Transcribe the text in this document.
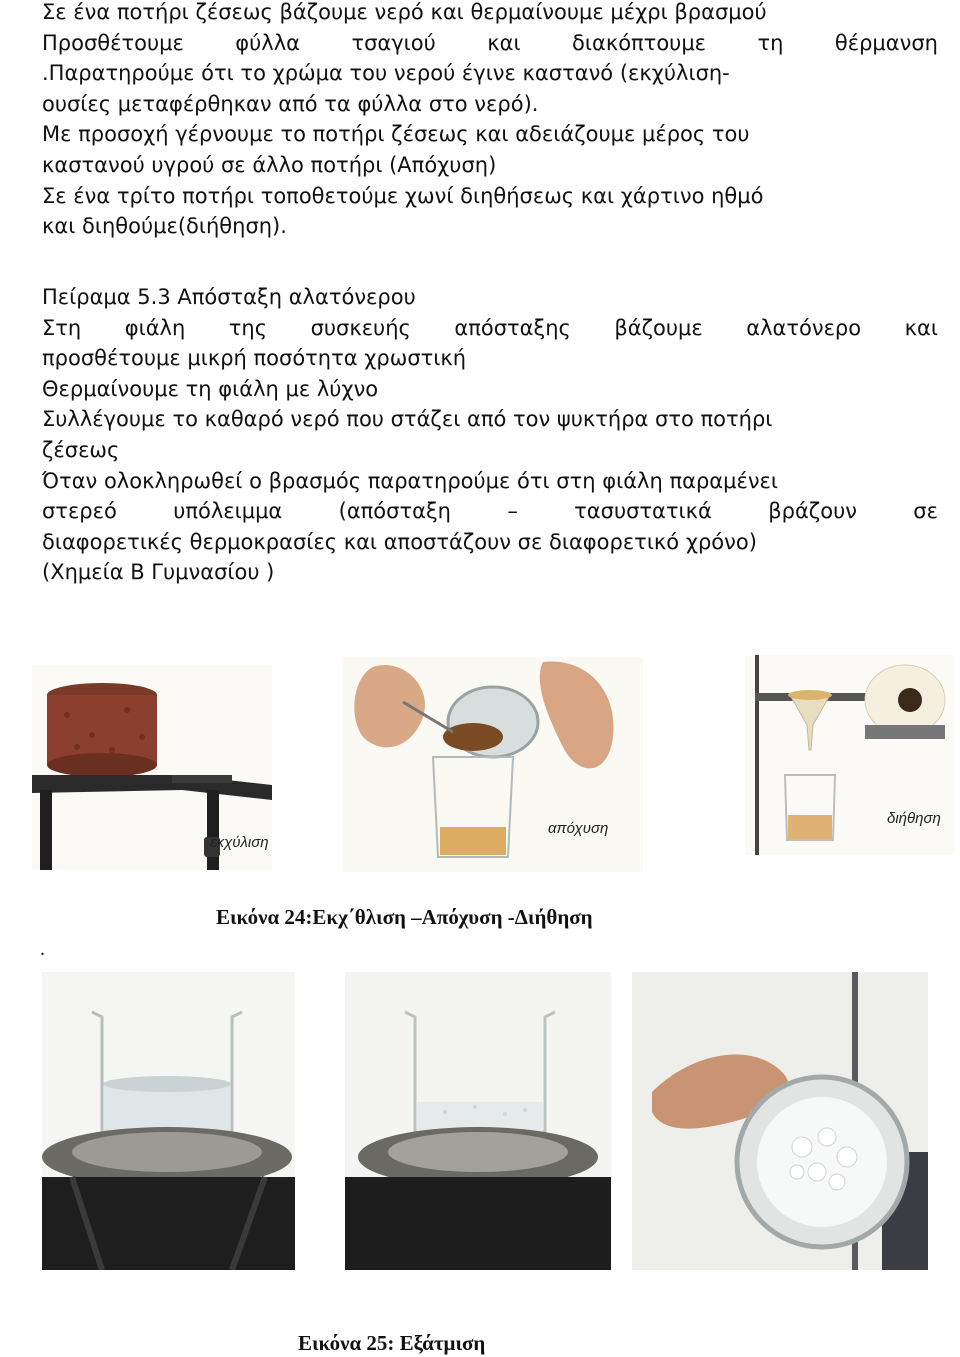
Σε ένα ποτήρι ζέσεως βάζουμε νερό και θερμαίνουμε μέχρι βρασμού
Προσθέτουμε φύλλα τσαγιού και διακόπτουμε τη θέρμανση
.Παρατηρούμε ότι το χρώμα του νερού έγινε καστανό (εκχύλιση-
ουσίες μεταφέρθηκαν από τα φύλλα στο νερό).
Με προσοχή γέρνουμε το ποτήρι ζέσεως και αδειάζουμε μέρος του
καστανού υγρού σε άλλο ποτήρι (Απόχυση)
Σε ένα τρίτο ποτήρι τοποθετούμε χωνί διηθήσεως και χάρτινο ηθμό
και διηθούμε(διήθηση).
Πείραμα 5.3 Απόσταξη αλατόνερου
Στη φιάλη της συσκευής απόσταξης βάζουμε αλατόνερο και
προσθέτουμε μικρή ποσότητα χρωστική
Θερμαίνουμε τη φιάλη με λύχνο
Συλλέγουμε το καθαρό νερό που στάζει από τον ψυκτήρα στο ποτήρι
ζέσεως
Όταν ολοκληρωθεί ο βρασμός παρατηρούμε ότι στη φιάλη παραμένει
στερεό	υπόλειμμα	(απόσταξη	–	τασυστατικά	βράζουν	σε
διαφορετικές θερμοκρασίες και αποστάζουν σε διαφορετικό χρόνο)
(Χημεία Β Γυμνασίου )
εκχύλιση
απόχυση
διήθηση
Εικόνα 24:Εκχ΄θλιση –Απόχυση -Διήθηση
.
Εικόνα 25: Εξάτμιση
